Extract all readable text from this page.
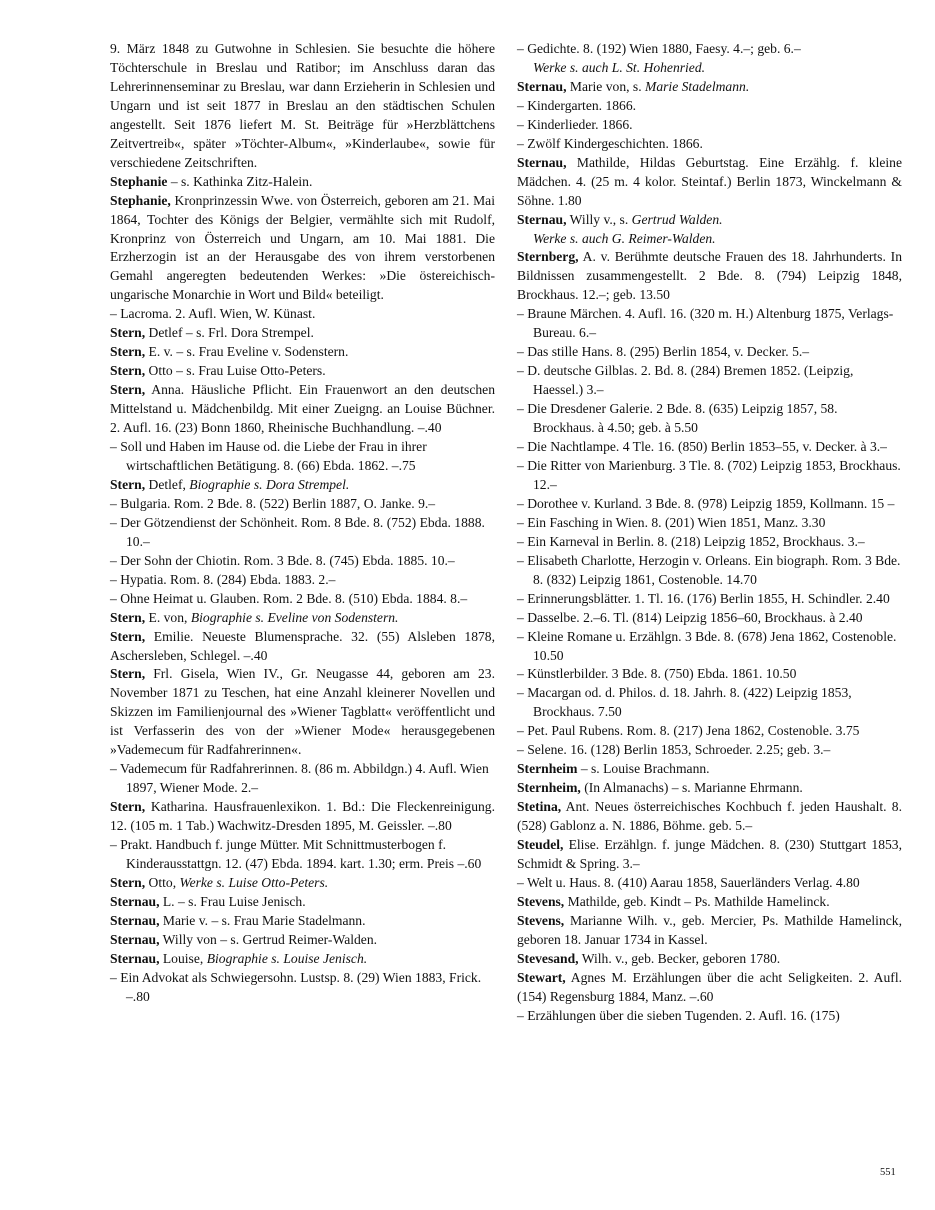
9. März 1848 zu Gutwohne in Schlesien. Sie besuchte die höhere Töchterschule in Breslau und Ratibor; im Anschluss daran das Lehrerinnenseminar zu Breslau, war dann Erzieherin in Schlesien und Ungarn und ist seit 1877 in Breslau an den städtischen Schulen angestellt. Seit 1876 liefert M. St. Beiträge für »Herzblättchens Zeitvertreib«, später »Töchter-Album«, »Kinderlaube«, sowie für verschiedene Zeitschriften.
Stephanie – s. Kathinka Zitz-Halein.
Stephanie, Kronprinzessin Wwe. von Österreich, geboren am 21. Mai 1864, Tochter des Königs der Belgier, vermählte sich mit Rudolf, Kronprinz von Österreich und Ungarn, am 10. Mai 1881. Die Erzherzogin ist an der Herausgabe des von ihrem verstorbenen Gemahl angeregten bedeutenden Werkes: »Die östereichisch-ungarische Monarchie in Wort und Bild« beteiligt.
– Lacroma. 2. Aufl. Wien, W. Künast.
Stern, Detlef – s. Frl. Dora Strempel.
Stern, E. v. – s. Frau Eveline v. Sodenstern.
Stern, Otto – s. Frau Luise Otto-Peters.
Stern, Anna. Häusliche Pflicht. Ein Frauenwort an den deutschen Mittelstand u. Mädchenbildg. Mit einer Zueigng. an Louise Büchner. 2. Aufl. 16. (23) Bonn 1860, Rheinische Buchhandlung. –.40
– Soll und Haben im Hause od. die Liebe der Frau in ihrer wirtschaftlichen Betätigung. 8. (66) Ebda. 1862. –.75
Stern, Detlef, Biographie s. Dora Strempel.
– Bulgaria. Rom. 2 Bde. 8. (522) Berlin 1887, O. Janke. 9.–
– Der Götzendienst der Schönheit. Rom. 8 Bde. 8. (752) Ebda. 1888. 10.–
– Der Sohn der Chiotin. Rom. 3 Bde. 8. (745) Ebda. 1885. 10.–
– Hypatia. Rom. 8. (284) Ebda. 1883. 2.–
– Ohne Heimat u. Glauben. Rom. 2 Bde. 8. (510) Ebda. 1884. 8.–
Stern, E. von, Biographie s. Eveline von Sodenstern.
Stern, Emilie. Neueste Blumensprache. 32. (55) Alsleben 1878, Aschersleben, Schlegel. –.40
Stern, Frl. Gisela, Wien IV., Gr. Neugasse 44, geboren am 23. November 1871 zu Teschen, hat eine Anzahl kleinerer Novellen und Skizzen im Familienjournal des »Wiener Tagblatt« veröffentlicht und ist Verfasserin des von der »Wiener Mode« herausgegebenen »Vademecum für Radfahrerinnen«.
– Vademecum für Radfahrerinnen. 8. (86 m. Abbildgn.) 4. Aufl. Wien 1897, Wiener Mode. 2.–
Stern, Katharina. Hausfrauenlexikon. 1. Bd.: Die Fleckenreinigung. 12. (105 m. 1 Tab.) Wachwitz-Dresden 1895, M. Geissler. –.80
– Prakt. Handbuch f. junge Mütter. Mit Schnittmusterbogen f. Kinderausstattgn. 12. (47) Ebda. 1894. kart. 1.30; erm. Preis –.60
Stern, Otto, Werke s. Luise Otto-Peters.
Sternau, L. – s. Frau Luise Jenisch.
Sternau, Marie v. – s. Frau Marie Stadelmann.
Sternau, Willy von – s. Gertrud Reimer-Walden.
Sternau, Louise, Biographie s. Louise Jenisch.
– Ein Advokat als Schwiegersohn. Lustsp. 8. (29) Wien 1883, Frick. –.80
– Gedichte. 8. (192) Wien 1880, Faesy. 4.–; geb. 6.–
Werke s. auch L. St. Hohenried.
Sternau, Marie von, s. Marie Stadelmann.
– Kindergarten. 1866.
– Kinderlieder. 1866.
– Zwölf Kindergeschichten. 1866.
Sternau, Mathilde, Hildas Geburtstag. Eine Erzählg. f. kleine Mädchen. 4. (25 m. 4 kolor. Steintaf.) Berlin 1873, Winckelmann & Söhne. 1.80
Sternau, Willy v., s. Gertrud Walden.
Werke s. auch G. Reimer-Walden.
Sternberg, A. v. Berühmte deutsche Frauen des 18. Jahrhunderts. In Bildnissen zusammengestellt. 2 Bde. 8. (794) Leipzig 1848, Brockhaus. 12.–; geb. 13.50
– Braune Märchen. 4. Aufl. 16. (320 m. H.) Altenburg 1875, Verlags-Bureau. 6.–
– Das stille Hans. 8. (295) Berlin 1854, v. Decker. 5.–
– D. deutsche Gilblas. 2. Bd. 8. (284) Bremen 1852. (Leipzig, Haessel.) 3.–
– Die Dresdener Galerie. 2 Bde. 8. (635) Leipzig 1857, 58. Brockhaus. à 4.50; geb. à 5.50
– Die Nachtlampe. 4 Tle. 16. (850) Berlin 1853–55, v. Decker. à 3.–
– Die Ritter von Marienburg. 3 Tle. 8. (702) Leipzig 1853, Brockhaus. 12.–
– Dorothee v. Kurland. 3 Bde. 8. (978) Leipzig 1859, Kollmann. 15 –
– Ein Fasching in Wien. 8. (201) Wien 1851, Manz. 3.30
– Ein Karneval in Berlin. 8. (218) Leipzig 1852, Brockhaus. 3.–
– Elisabeth Charlotte, Herzogin v. Orleans. Ein biograph. Rom. 3 Bde. 8. (832) Leipzig 1861, Costenoble. 14.70
– Erinnerungsblätter. 1. Tl. 16. (176) Berlin 1855, H. Schindler. 2.40
– Dasselbe. 2.–6. Tl. (814) Leipzig 1856–60, Brockhaus. à 2.40
– Kleine Romane u. Erzählgn. 3 Bde. 8. (678) Jena 1862, Costenoble. 10.50
– Künstlerbilder. 3 Bde. 8. (750) Ebda. 1861. 10.50
– Macargan od. d. Philos. d. 18. Jahrh. 8. (422) Leipzig 1853, Brockhaus. 7.50
– Pet. Paul Rubens. Rom. 8. (217) Jena 1862, Costenoble. 3.75
– Selene. 16. (128) Berlin 1853, Schroeder. 2.25; geb. 3.–
Sternheim – s. Louise Brachmann.
Sternheim, (In Almanachs) – s. Marianne Ehrmann.
Stetina, Ant. Neues österreichisches Kochbuch f. jeden Haushalt. 8. (528) Gablonz a. N. 1886, Böhme. geb. 5.–
Steudel, Elise. Erzählgn. f. junge Mädchen. 8. (230) Stuttgart 1853, Schmidt & Spring. 3.–
– Welt u. Haus. 8. (410) Aarau 1858, Sauerländers Verlag. 4.80
Stevens, Mathilde, geb. Kindt – Ps. Mathilde Hamelinck.
Stevens, Marianne Wilh. v., geb. Mercier, Ps. Mathilde Hamelinck, geboren 18. Januar 1734 in Kassel.
Stevesand, Wilh. v., geb. Becker, geboren 1780.
Stewart, Agnes M. Erzählungen über die acht Seligkeiten. 2. Aufl. (154) Regensburg 1884, Manz. –.60
– Erzählungen über die sieben Tugenden. 2. Aufl. 16. (175)
551
